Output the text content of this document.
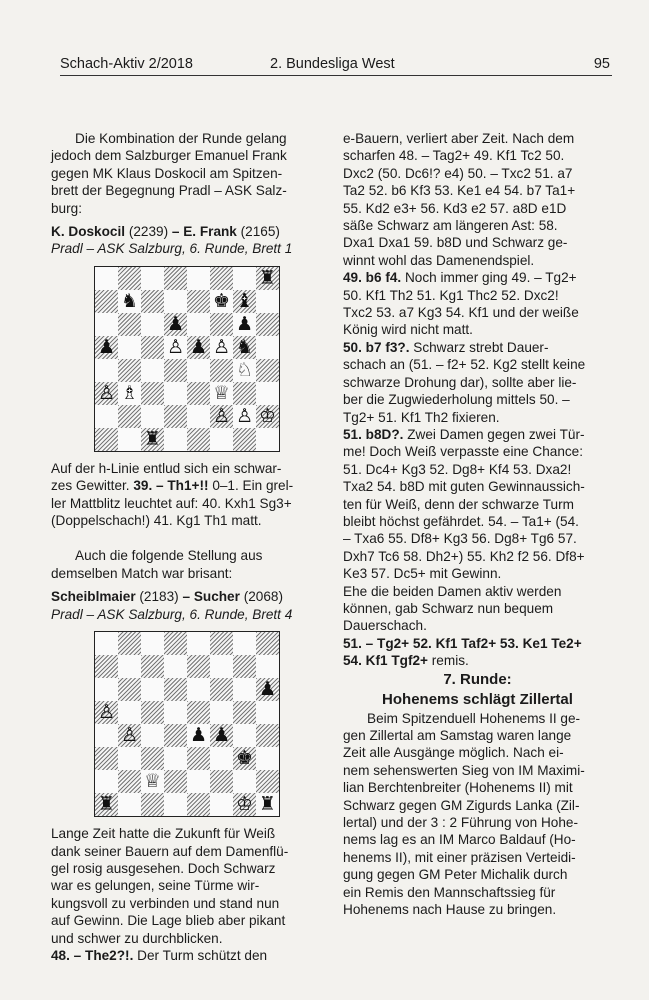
Schach-Aktiv 2/2018	2. Bundesliga West	95

Die Kombination der Runde gelang

jedoch dem Salzburger Emanuel Frank

gegen MK Klaus Doskocil am Spitzen-

brett der Begegnung Pradl – ASK Salz-

burg:

K. Doskocil (2239) – E. Frank (2165)

Pradl – ASK Salzburg, 6. Runde, Brett 1

♜
♞	♚ ♝
♟	♟
♟	♙ ♟ ♙ ♞
♘
♕
♙ ♗
♙ ♙ ♔
♜

Auf der h-Linie entlud sich ein schwar-

zes Gewitter. 39. – Th1+!! 0–1. Ein grel-

ler Mattblitz leuchtet auf: 40. Kxh1 Sg3+

(Doppelschach!) 41. Kg1 Th1 matt.

Auch die folgende Stellung aus

demselben Match war brisant:

Scheiblmaier (2183) – Sucher (2068)

Pradl – ASK Salzburg, 6. Runde, Brett 4

♟
♙
♙	♟ ♟
♚
♕
♜	♜
♔

Lange Zeit hatte die Zukunft für Weiß

dank seiner Bauern auf dem Damenflü-

gel rosig ausgesehen. Doch Schwarz

war es gelungen, seine Türme wir-

kungsvoll zu verbinden und stand nun

auf Gewinn. Die Lage blieb aber pikant

und schwer zu durchblicken.

48. – The2?!. Der Turm schützt den

e-Bauern, verliert aber Zeit. Nach dem

scharfen 48. – Tag2+ 49. Kf1 Tc2 50.

Dxc2 (50. Dc6!? e4) 50. – Txc2 51. a7

Ta2 52. b6 Kf3 53. Ke1 e4 54. b7 Ta1+

55. Kd2 e3+ 56. Kd3 e2 57. a8D e1D

säße Schwarz am längeren Ast: 58.

Dxa1 Dxa1 59. b8D und Schwarz ge-

winnt wohl das Damenendspiel.

49. b6 f4. Noch immer ging 49. – Tg2+

50. Kf1 Th2 51. Kg1 Thc2 52. Dxc2!

Txc2 53. a7 Kg3 54. Kf1 und der weiße

König wird nicht matt.

50. b7 f3?. Schwarz strebt Dauer-

schach an (51. – f2+ 52. Kg2 stellt keine

schwarze Drohung dar), sollte aber lie-

ber die Zugwiederholung mittels 50. –

Tg2+ 51. Kf1 Th2 fixieren.

51. b8D?. Zwei Damen gegen zwei Tür-

me! Doch Weiß verpasste eine Chance:

51. Dc4+ Kg3 52. Dg8+ Kf4 53. Dxa2!

Txa2 54. b8D mit guten Gewinnaussich-

ten für Weiß, denn der schwarze Turm

bleibt höchst gefährdet. 54. – Ta1+ (54.

– Txa6 55. Df8+ Kg3 56. Dg8+ Tg6 57.

Dxh7 Tc6 58. Dh2+) 55. Kh2 f2 56. Df8+

Ke3 57. Dc5+ mit Gewinn.

Ehe die beiden Damen aktiv werden

können, gab Schwarz nun bequem

Dauerschach.

51. – Tg2+ 52. Kf1 Taf2+ 53. Ke1 Te2+

54. Kf1 Tgf2+ remis.

7. Runde:

Hohenems schlägt Zillertal

Beim Spitzenduell Hohenems II ge-

gen Zillertal am Samstag waren lange

Zeit alle Ausgänge möglich. Nach ei-

nem sehenswerten Sieg von IM Maximi-

lian Berchtenbreiter (Hohenems II) mit

Schwarz gegen GM Zigurds Lanka (Zil-

lertal) und der 3 : 2 Führung von Hohe-

nems lag es an IM Marco Baldauf (Ho-

henems II), mit einer präzisen Verteidi-

gung gegen GM Peter Michalik durch

ein Remis den Mannschaftssieg für

Hohenems nach Hause zu bringen.
